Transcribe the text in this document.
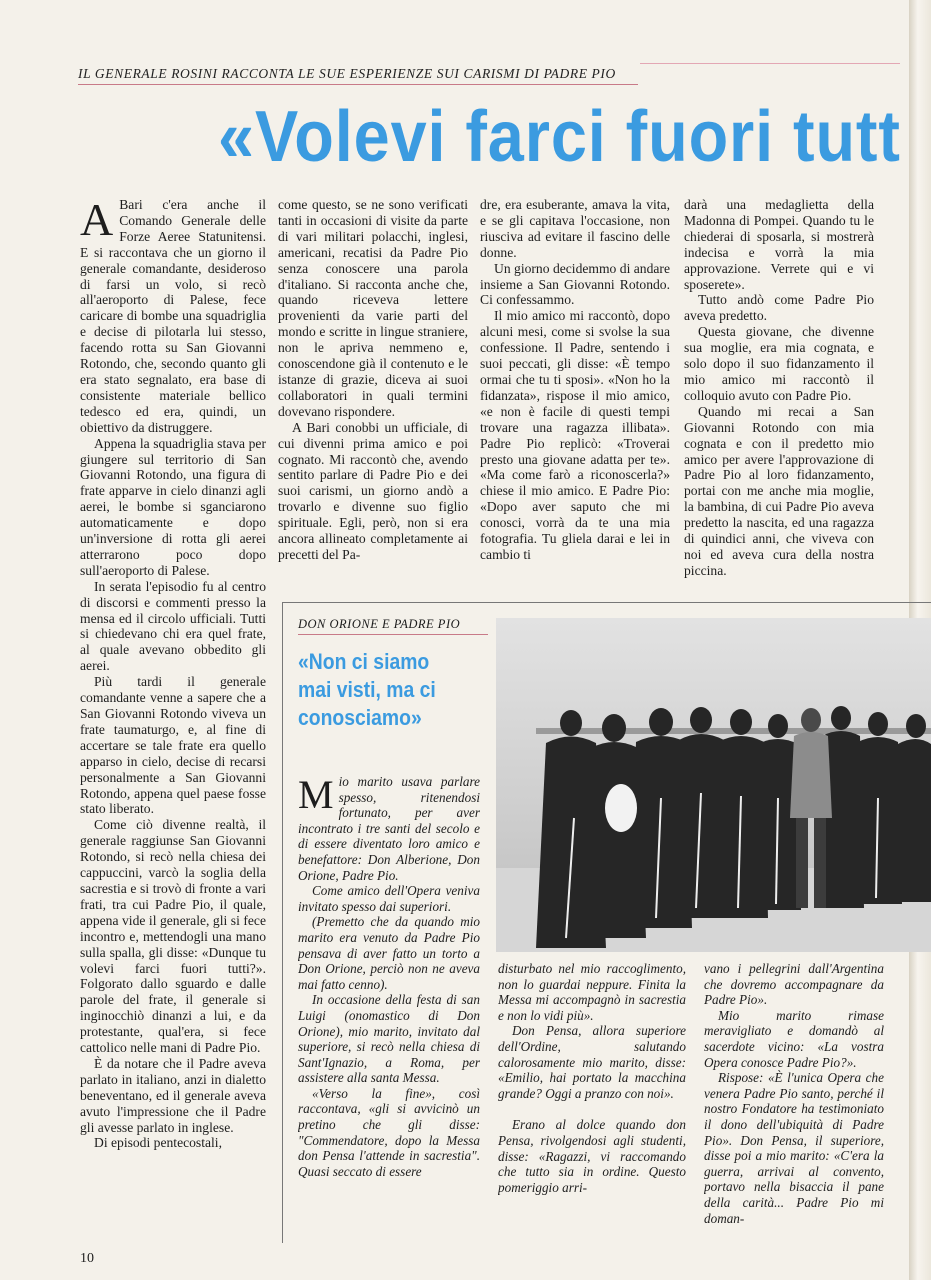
IL GENERALE ROSINI RACCONTA LE SUE ESPERIENZE SUI CARISMI DI PADRE PIO
«Volevi farci fuori tutt

A Bari c'era anche il Comando Generale delle Forze Aeree Statunitensi. E si raccontava che un giorno il generale comandante, desideroso di farsi un volo, si recò all'aeroporto di Palese, fece caricare di bombe una squadriglia e decise di pilotarla lui stesso, facendo rotta su San Giovanni Rotondo, che, secondo quanto gli era stato segnalato, era base di consistente materiale bellico tedesco ed era, quindi, un obiettivo da distruggere.

Appena la squadriglia stava per giungere sul territorio di San Giovanni Rotondo, una figura di frate apparve in cielo dinanzi agli aerei, le bombe si sganciarono automaticamente e dopo un'inversione di rotta gli aerei atterrarono poco dopo sull'aeroporto di Palese.

In serata l'episodio fu al centro di discorsi e commenti presso la mensa ed il circolo ufficiali. Tutti si chiedevano chi era quel frate, al quale avevano obbedito gli aerei.

Più tardi il generale comandante venne a sapere che a San Giovanni Rotondo viveva un frate taumaturgo, e, al fine di accertare se tale frate era quello apparso in cielo, decise di recarsi personalmente a San Giovanni Rotondo, appena quel paese fosse stato liberato.

Come ciò divenne realtà, il generale raggiunse San Giovanni Rotondo, si recò nella chiesa dei cappuccini, varcò la soglia della sacrestia e si trovò di fronte a vari frati, tra cui Padre Pio, il quale, appena vide il generale, gli si fece incontro e, mettendogli una mano sulla spalla, gli disse: «Dunque tu volevi farci fuori tutti?». Folgorato dallo sguardo e dalle parole del frate, il generale si inginocchiò dinanzi a lui, e da protestante, qual'era, si fece cattolico nelle mani di Padre Pio.

È da notare che il Padre aveva parlato in italiano, anzi in dialetto beneventano, ed il generale aveva avuto l'impressione che il Padre gli avesse parlato in inglese.

Di episodi pentecostali,

come questo, se ne sono verificati tanti in occasioni di visite da parte di vari militari polacchi, inglesi, americani, recatisi da Padre Pio senza conoscere una parola d'italiano. Si racconta anche che, quando riceveva lettere provenienti da varie parti del mondo e scritte in lingue straniere, non le apriva nemmeno e, conoscendone già il contenuto e le istanze di grazie, diceva ai suoi collaboratori in quali termini dovevano rispondere.

A Bari conobbi un ufficiale, di cui divenni prima amico e poi cognato. Mi raccontò che, avendo sentito parlare di Padre Pio e dei suoi carismi, un giorno andò a trovarlo e divenne suo figlio spirituale. Egli, però, non si era ancora allineato completamente ai precetti del Pa-

dre, era esuberante, amava la vita, e se gli capitava l'occasione, non riusciva ad evitare il fascino delle donne.

Un giorno decidemmo di andare insieme a San Giovanni Rotondo. Ci confessammo.

Il mio amico mi raccontò, dopo alcuni mesi, come si svolse la sua confessione. Il Padre, sentendo i suoi peccati, gli disse: «È tempo ormai che tu ti sposi». «Non ho la fidanzata», rispose il mio amico, «e non è facile di questi tempi trovare una ragazza illibata». Padre Pio replicò: «Troverai presto una giovane adatta per te». «Ma come farò a riconoscerla?» chiese il mio amico. E Padre Pio: «Dopo aver saputo che mi conosci, vorrà da te una mia fotografia. Tu gliela darai e lei in cambio ti

darà una medaglietta della Madonna di Pompei. Quando tu le chiederai di sposarla, si mostrerà indecisa e vorrà la mia approvazione. Verrete qui e vi sposerete».

Tutto andò come Padre Pio aveva predetto.

Questa giovane, che divenne sua moglie, era mia cognata, e solo dopo il suo fidanzamento il mio amico mi raccontò il colloquio avuto con Padre Pio.

Quando mi recai a San Giovanni Rotondo con mia cognata e con il predetto mio amico per avere l'approvazione di Padre Pio al loro fidanzamento, portai con me anche mia moglie, la bambina, di cui Padre Pio aveva predetto la nascita, ed una ragazza di quindici anni, che viveva con noi ed aveva cura della nostra piccina.

DON ORIONE E PADRE PIO
«Non ci siamo mai visti, ma ci conosciamo»

Mio marito usava parlare spesso, ritenendosi fortunato, per aver incontrato i tre santi del secolo e di essere diventato loro amico e benefattore: Don Alberione, Don Orione, Padre Pio.

Come amico dell'Opera veniva invitato spesso dai superiori.

(Premetto che da quando mio marito era venuto da Padre Pio pensava di aver fatto un torto a Don Orione, perciò non ne aveva mai fatto cenno).

In occasione della festa di san Luigi (onomastico di Don Orione), mio marito, invitato dal superiore, si recò nella chiesa di Sant'Ignazio, a Roma, per assistere alla santa Messa.

«Verso la fine», così raccontava, «gli si avvicinò un pretino che gli disse: "Commendatore, dopo la Messa don Pensa l'attende in sacrestia". Quasi seccato di essere

disturbato nel mio raccoglimento, non lo guardai neppure. Finita la Messa mi accompagnò in sacrestia e non lo vidi più».

Don Pensa, allora superiore dell'Ordine, salutando calorosamente mio marito, disse: «Emilio, hai portato la macchina grande? Oggi a pranzo con noi».

Erano al dolce quando don Pensa, rivolgendosi agli studenti, disse: «Ragazzi, vi raccomando che tutto sia in ordine. Questo pomeriggio arri-

vano i pellegrini dall'Argentina che dovremo accompagnare da Padre Pio».

Mio marito rimase meravigliato e domandò al sacerdote vicino: «La vostra Opera conosce Padre Pio?».

Rispose: «È l'unica Opera che venera Padre Pio santo, perché il nostro Fondatore ha testimoniato il dono dell'ubiquità di Padre Pio». Don Pensa, il superiore, disse poi a mio marito: «C'era la guerra, arrivai al convento, portavo nella bisaccia il pane della carità... Padre Pio mi doman-

10
